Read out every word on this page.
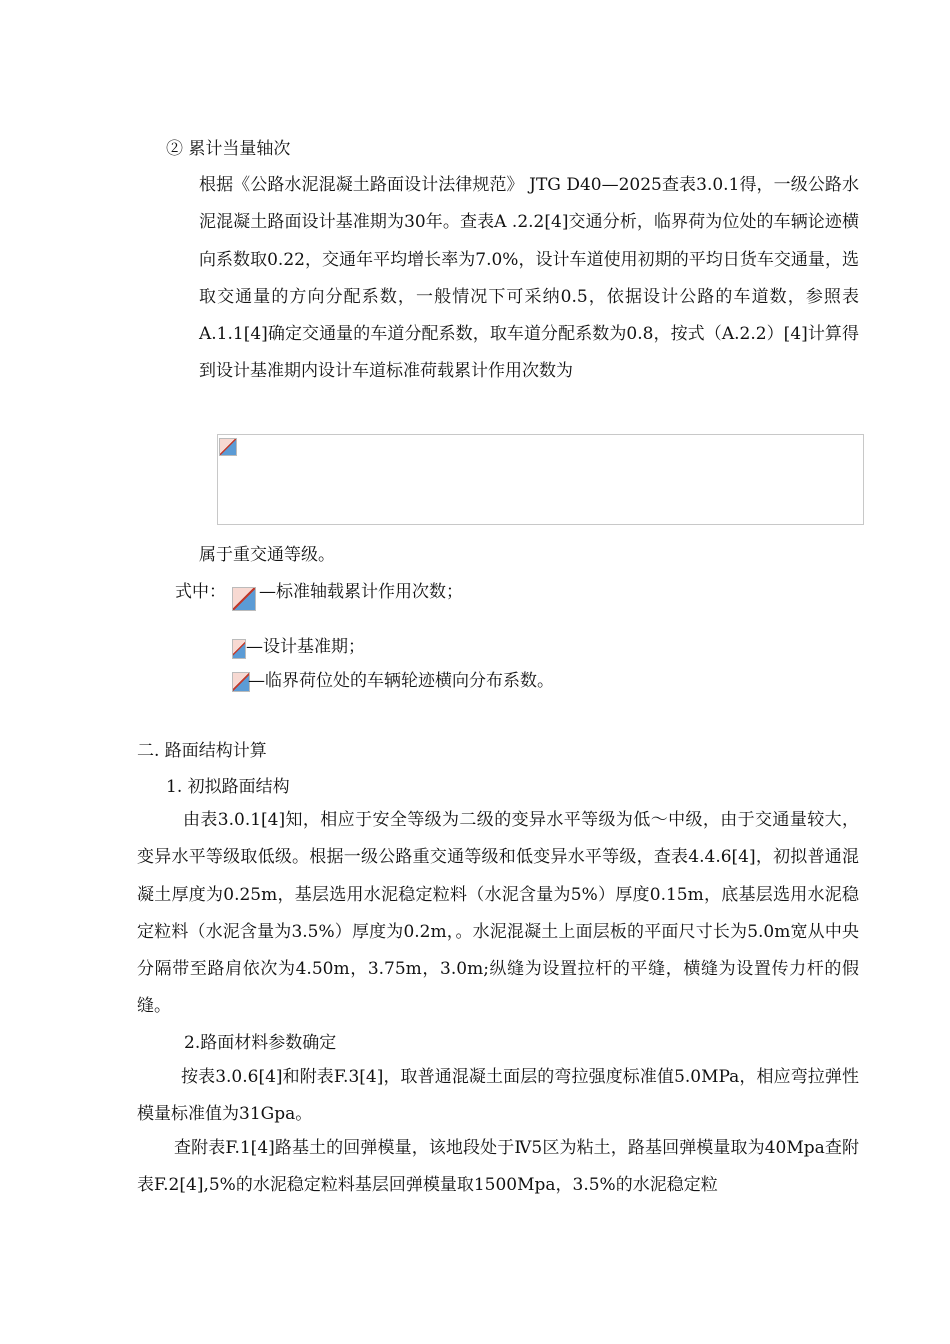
② 累计当量轴次
根据《公路水泥混凝土路面设计法律规范》 JTG D40—2025查表3.0.1得，一级公路水泥混凝土路面设计基准期为30年。查表A .2.2[4]交通分析，临界荷为位处的车辆论迹横向系数取0.22，交通年平均增长率为7.0%，设计车道使用初期的平均日货车交通量，选取交通量的方向分配系数，一般情况下可采纳0.5，依据设计公路的车道数，参照表A.1.1[4]确定交通量的车道分配系数，取车道分配系数为0.8，按式（A.2.2）[4]计算得到设计基准期内设计车道标准荷载累计作用次数为
属于重交通等级。
式中： —标准轴载累计作用次数；
—设计基准期；
—临界荷位处的车辆轮迹横向分布系数。
二. 路面结构计算
1. 初拟路面结构
由表3.0.1[4]知，相应于安全等级为二级的变异水平等级为低～中级，由于交通量较大，变异水平等级取低级。根据一级公路重交通等级和低变异水平等级，查表4.4.6[4]，初拟普通混凝土厚度为0.25m，基层选用水泥稳定粒料（水泥含量为5%）厚度0.15m，底基层选用水泥稳定粒料（水泥含量为3.5%）厚度为0.2m，。水泥混凝土上面层板的平面尺寸长为5.0m宽从中央分隔带至路肩依次为4.50m，3.75m，3.0m;纵缝为设置拉杆的平缝，横缝为设置传力杆的假缝。
2.路面材料参数确定
按表3.0.6[4]和附表F.3[4]，取普通混凝土面层的弯拉强度标准值5.0MPa，相应弯拉弹性模量标准值为31Gpa。
查附表F.1[4]路基土的回弹模量，该地段处于Ⅳ5区为粘土，路基回弹模量取为40Mpa查附表F.2[4],5%的水泥稳定粒料基层回弹模量取1500Mpa，3.5%的水泥稳定粒
